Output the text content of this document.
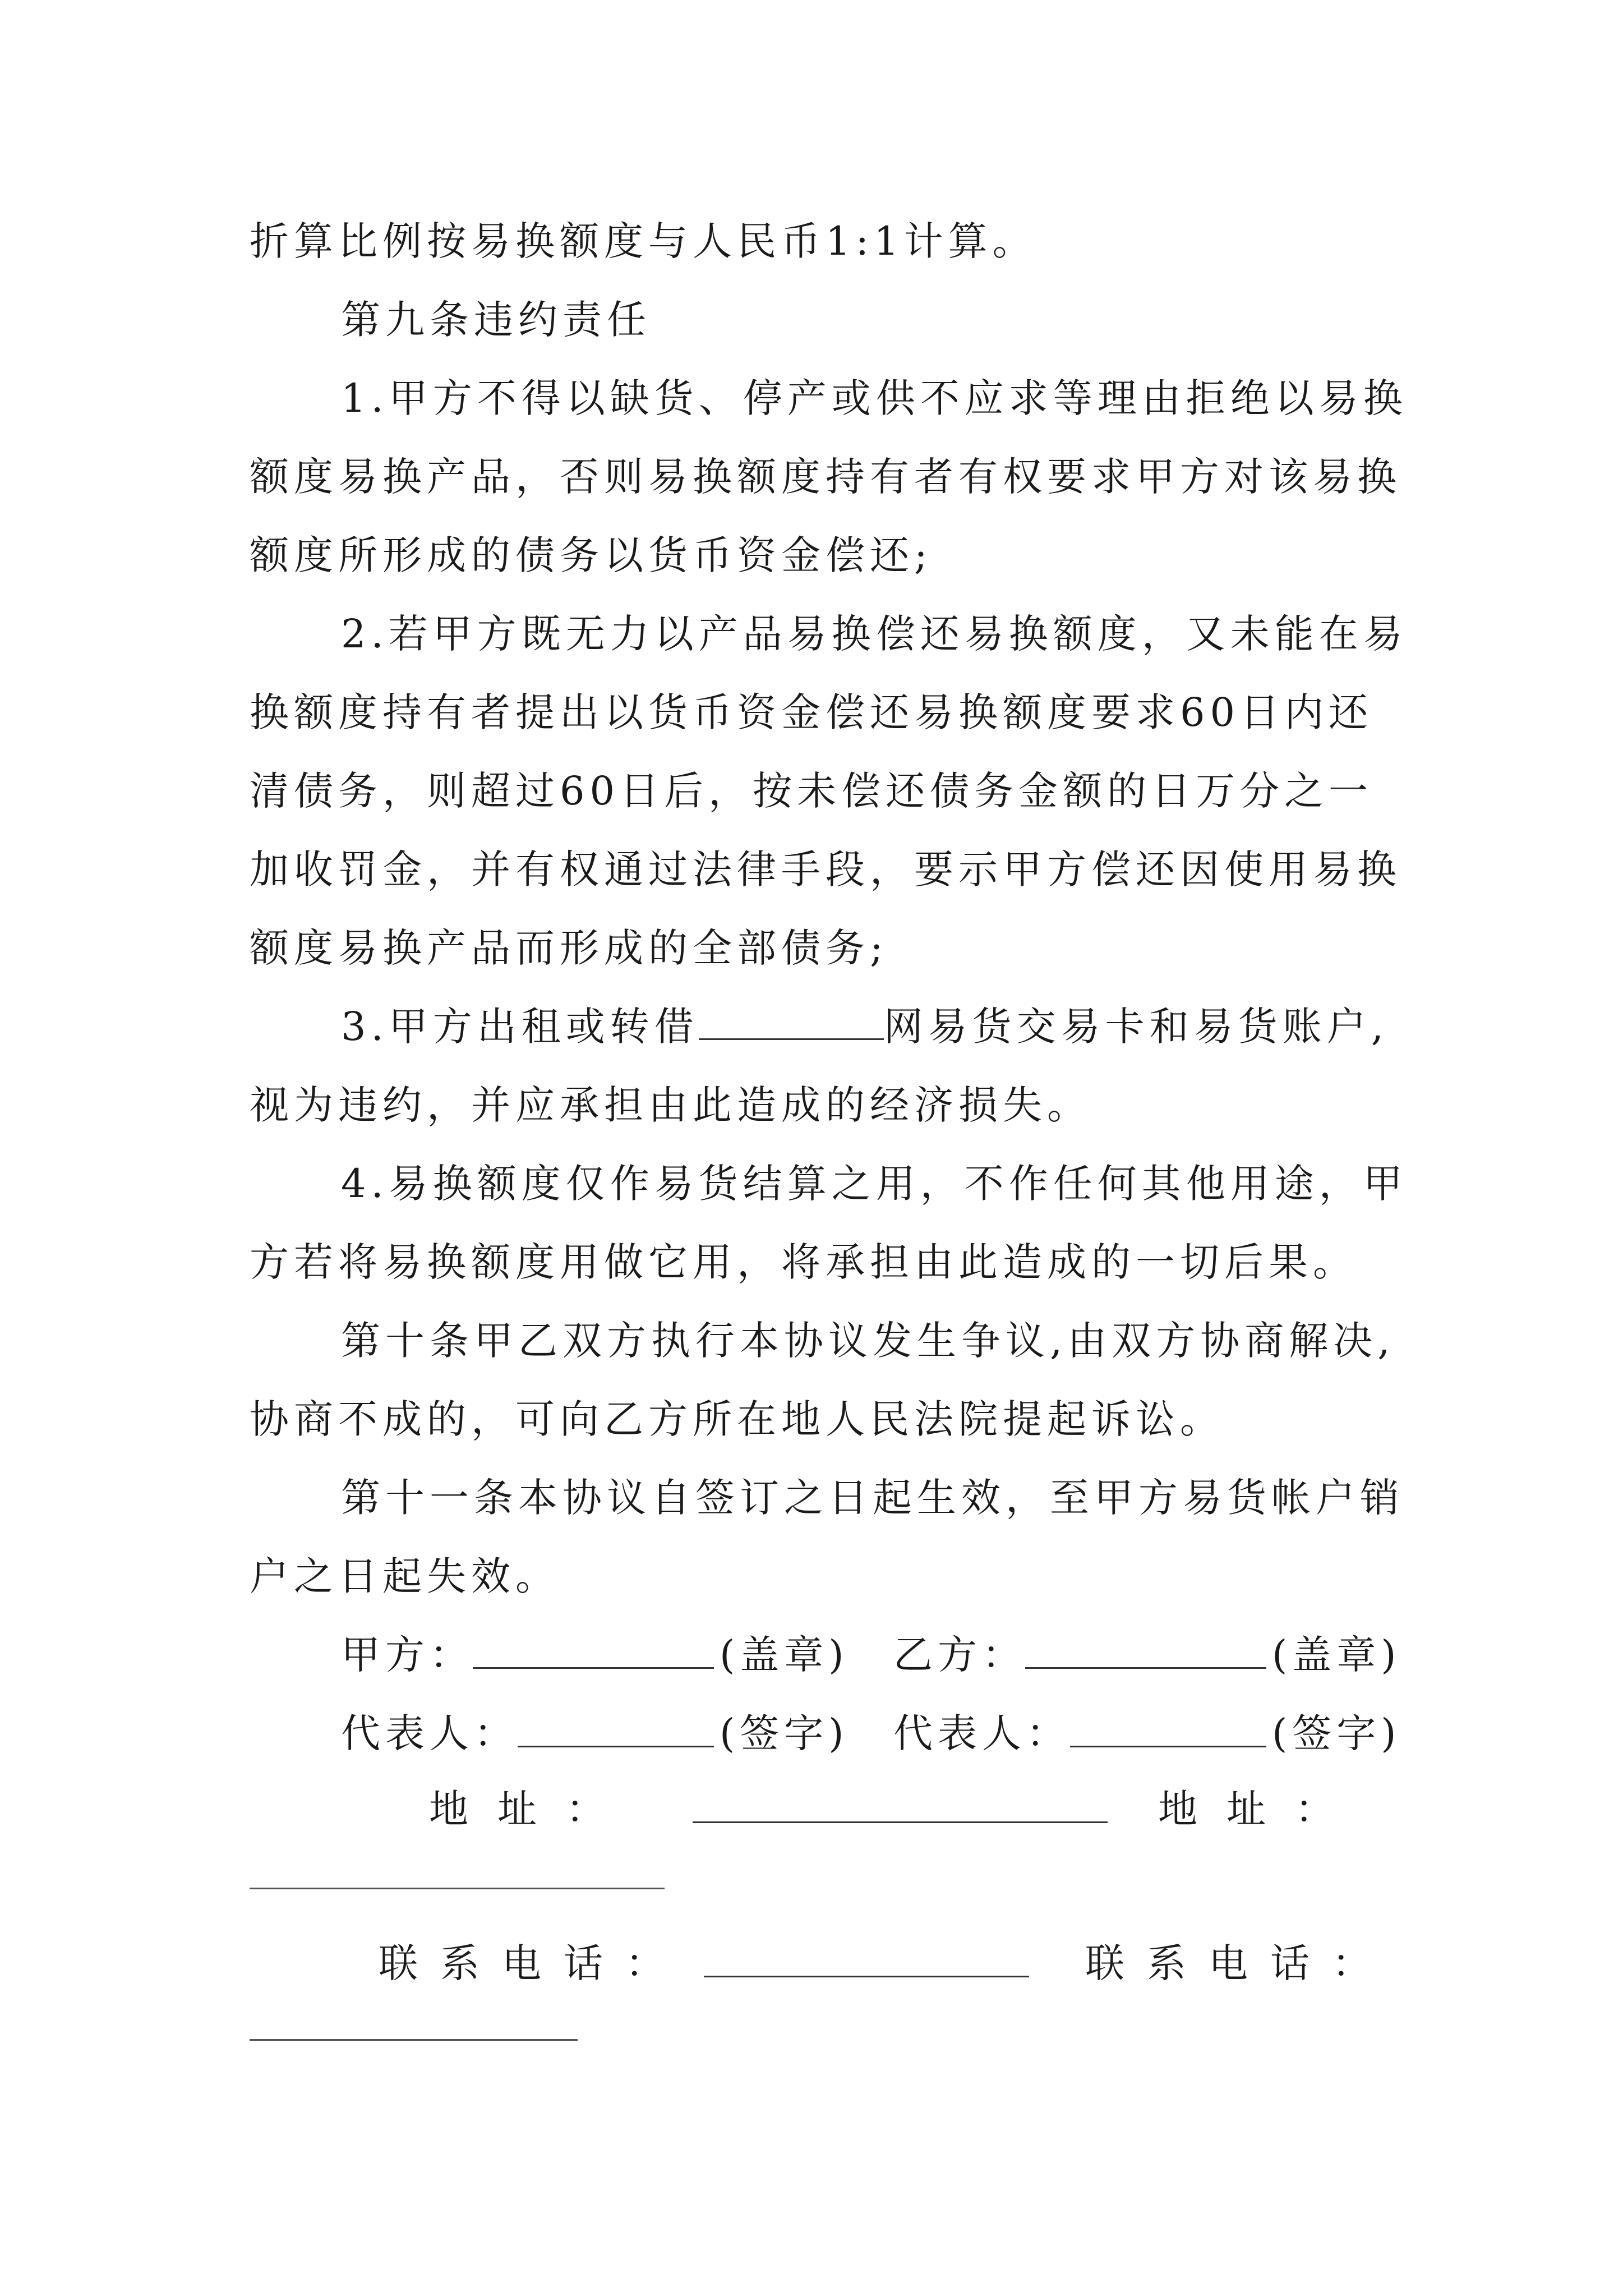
折算比例按易换额度与人民币1:1计算。
第九条违约责任
1.甲方不得以缺货、停产或供不应求等理由拒绝以易换
额度易换产品，否则易换额度持有者有权要求甲方对该易换
额度所形成的债务以货币资金偿还;
2.若甲方既无力以产品易换偿还易换额度，又未能在易
换额度持有者提出以货币资金偿还易换额度要求60日内还
清债务，则超过60日后，按未偿还债务金额的日万分之一
加收罚金，并有权通过法律手段，要示甲方偿还因使用易换
额度易换产品而形成的全部债务;
3.甲方出租或转借	网易货交易卡和易货账户,
视为违约，并应承担由此造成的经济损失。
4.易换额度仅作易货结算之用，不作任何其他用途，甲
方若将易换额度用做它用，将承担由此造成的一切后果。
第十条甲乙双方执行本协议发生争议,由双方协商解决,
协商不成的，可向乙方所在地人民法院提起诉讼。
第十一条本协议自签订之日起生效，至甲方易货帐户销
户之日起失效。
甲方：	(盖章) 乙方：	(盖章)
代表人：	(签字) 代表人：	(签字)
地址：	地址：
联系电话：	联系电话：
